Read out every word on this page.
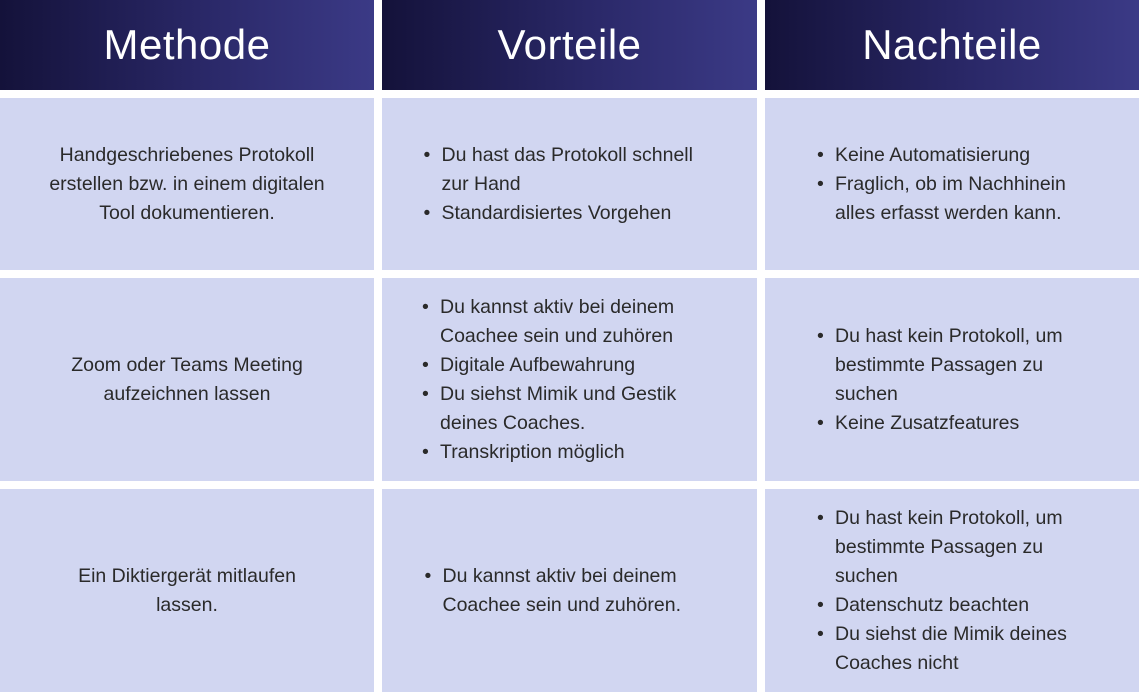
Methode	Vorteile	Nachteile
Handgeschriebenes Protokoll erstellen bzw. in einem digitalen Tool dokumentieren.
• Du hast das Protokoll schnell zur Hand
• Standardisiertes Vorgehen
• Keine Automatisierung
• Fraglich, ob im Nachhinein alles erfasst werden kann.
Zoom oder Teams Meeting aufzeichnen lassen
• Du kannst aktiv bei deinem Coachee sein und zuhören
• Digitale Aufbewahrung
• Du siehst Mimik und Gestik deines Coaches.
• Transkription möglich
• Du hast kein Protokoll, um bestimmte Passagen zu suchen
• Keine Zusatzfeatures
Ein Diktiergerät mitlaufen lassen.
• Du kannst aktiv bei deinem Coachee sein und zuhören.
• Du hast kein Protokoll, um bestimmte Passagen zu suchen
• Datenschutz beachten
• Du siehst die Mimik deines Coaches nicht
